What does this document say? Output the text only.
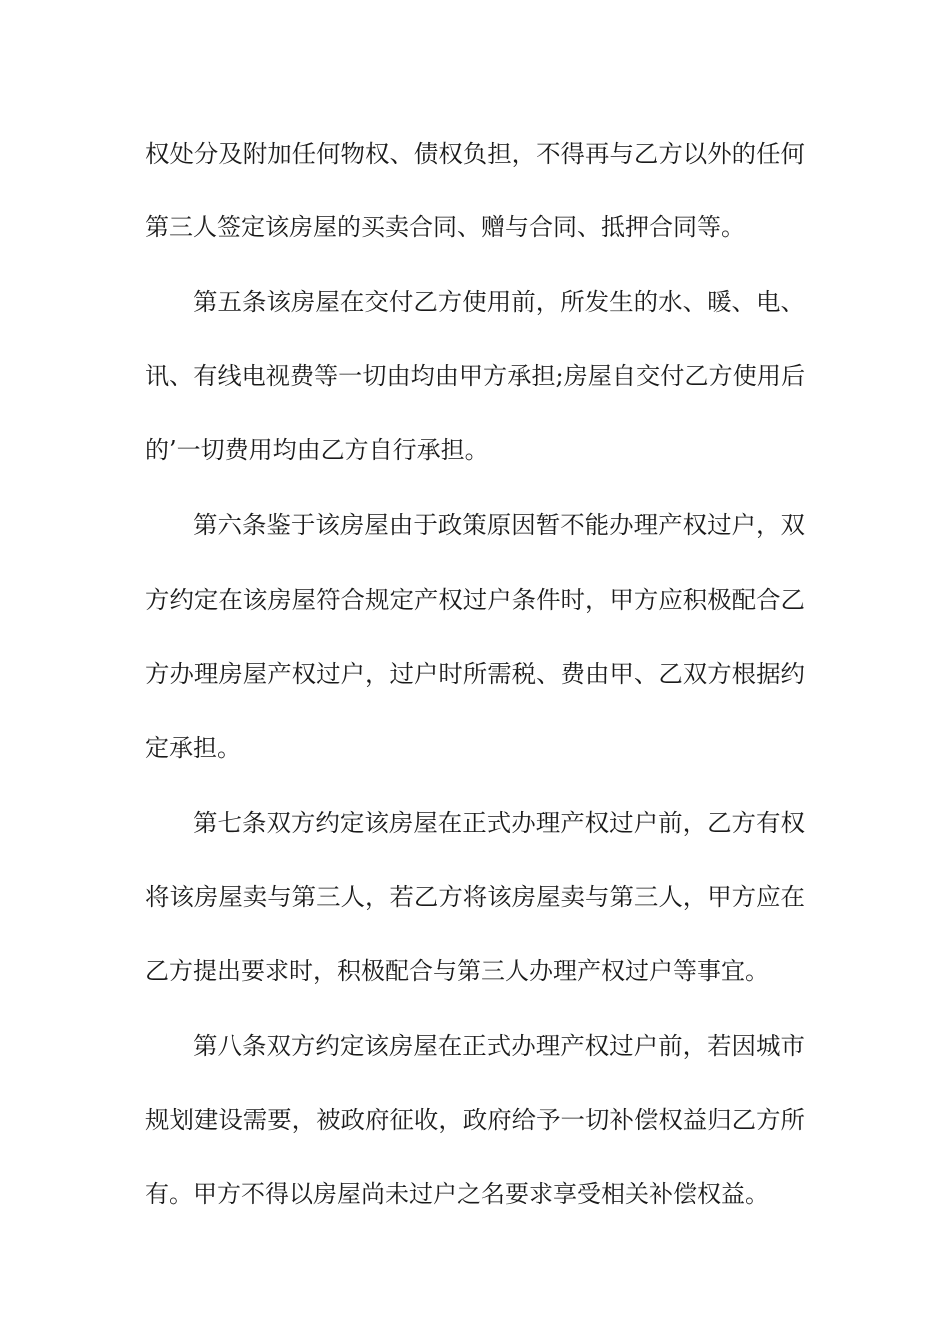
权处分及附加任何物权、债权负担，不得再与乙方以外的任何
第三人签定该房屋的买卖合同、赠与合同、抵押合同等。
第五条该房屋在交付乙方使用前，所发生的水、暖、电、
讯、有线电视费等一切由均由甲方承担;房屋自交付乙方使用后
的’一切费用均由乙方自行承担。
第六条鉴于该房屋由于政策原因暂不能办理产权过户，双
方约定在该房屋符合规定产权过户条件时，甲方应积极配合乙
方办理房屋产权过户，过户时所需税、费由甲、乙双方根据约
定承担。
第七条双方约定该房屋在正式办理产权过户前，乙方有权
将该房屋卖与第三人，若乙方将该房屋卖与第三人，甲方应在
乙方提出要求时，积极配合与第三人办理产权过户等事宜。
第八条双方约定该房屋在正式办理产权过户前，若因城市
规划建设需要，被政府征收，政府给予一切补偿权益归乙方所
有。甲方不得以房屋尚未过户之名要求享受相关补偿权益。
